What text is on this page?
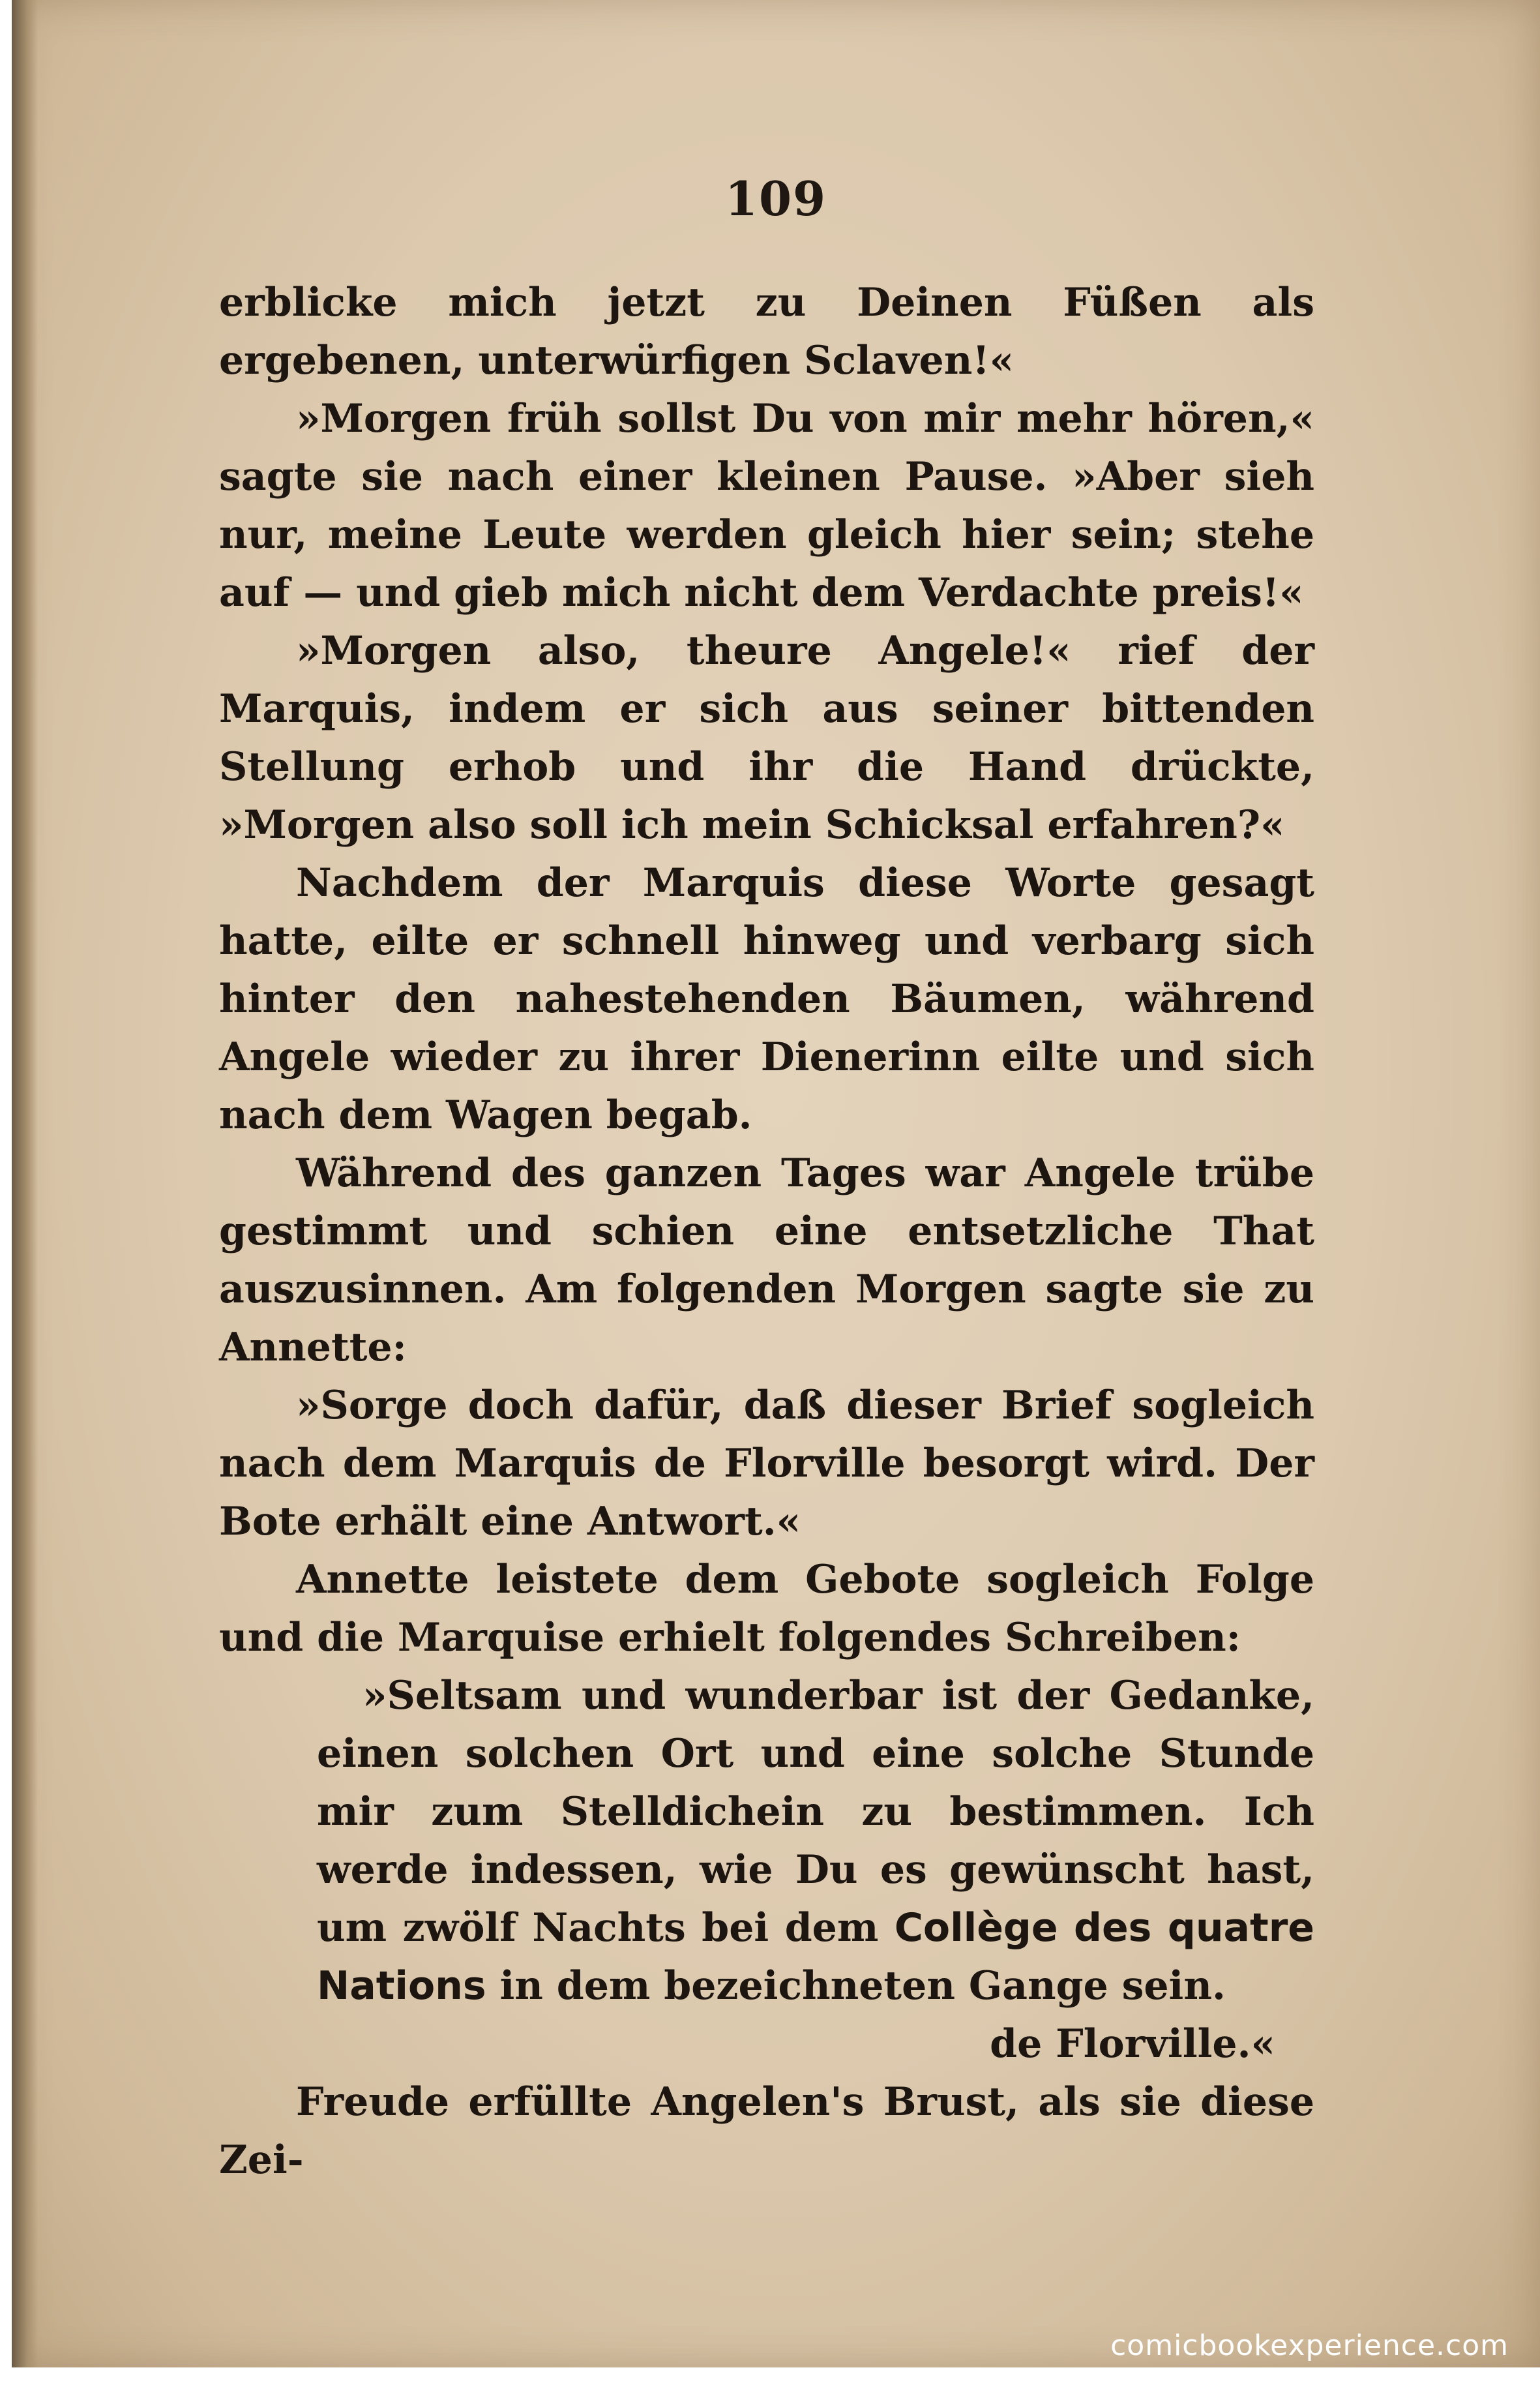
109

erblicke mich jetzt zu Deinen Füßen als ergebenen, unterwürfigen Sclaven!«

»Morgen früh sollst Du von mir mehr hören,« sagte sie nach einer kleinen Pause. »Aber sieh nur, meine Leute werden gleich hier sein; stehe auf — und gieb mich nicht dem Verdachte preis!«

»Morgen also, theure Angele!« rief der Marquis, indem er sich aus seiner bittenden Stellung erhob und ihr die Hand drückte, »Morgen also soll ich mein Schicksal erfahren?«

Nachdem der Marquis diese Worte gesagt hatte, eilte er schnell hinweg und verbarg sich hinter den nahestehenden Bäumen, während Angele wieder zu ihrer Dienerinn eilte und sich nach dem Wagen begab.

Während des ganzen Tages war Angele trübe gestimmt und schien eine entsetzliche That auszusinnen. Am folgenden Morgen sagte sie zu Annette:

»Sorge doch dafür, daß dieser Brief sogleich nach dem Marquis de Florville besorgt wird. Der Bote erhält eine Antwort.«

Annette leistete dem Gebote sogleich Folge und die Marquise erhielt folgendes Schreiben:

»Seltsam und wunderbar ist der Gedanke, einen solchen Ort und eine solche Stunde mir zum Stelldichein zu bestimmen. Ich werde indessen, wie Du es gewünscht hast, um zwölf Nachts bei dem Collège des quatre Nations in dem bezeichneten Gange sein.

de Florville.«

Freude erfüllte Angelen's Brust, als sie diese Zei-

comicbookexperience.com
